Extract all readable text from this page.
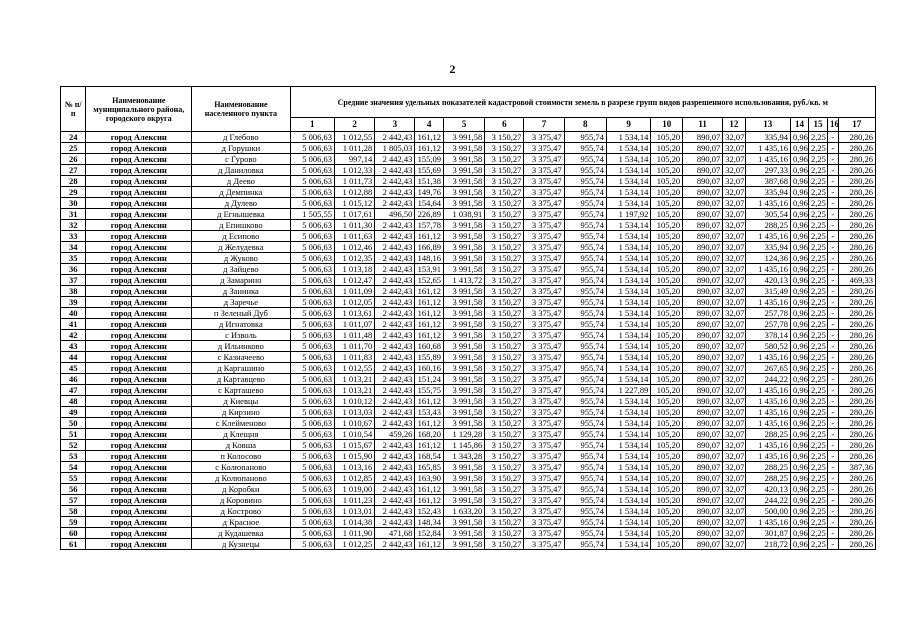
2
№ п/п	Наименование муниципального района, городского округа	Наименование населенного пункта	Средние значения удельных показателей кадастровой стоимости земель в разрезе групп видов разрешенного использования, руб./кв. м																
			1	2	3	4	5	6	7	8	9	10	11	12	13	14	15	16	17
24	город Алексин	д Глебово	5 006,63	1 012,55	2 442,43	161,12	3 991,58	3 150,27	3 375,47	955,74	1 534,14	105,20	890,07	32,07	335,94	0,96	2,25	-	280,26
25	город Алексин	д Горушки	5 006,63	1 011,28	1 805,03	161,12	3 991,58	3 150,27	3 375,47	955,74	1 534,14	105,20	890,07	32,07	1 435,16	0,96	2,25	-	280,26
26	город Алексин	с Гурово	5 006,63	997,14	2 442,43	155,09	3 991,58	3 150,27	3 375,47	955,74	1 534,14	105,20	890,07	32,07	1 435,16	0,96	2,25	-	280,26
27	город Алексин	д Даниловка	5 006,63	1 012,33	2 442,43	155,69	3 991,58	3 150,27	3 375,47	955,74	1 534,14	105,20	890,07	32,07	297,33	0,96	2,25	-	280,26
28	город Алексин	д Деево	5 006,63	1 011,73	2 442,43	151,38	3 991,58	3 150,27	3 375,47	955,74	1 534,14	105,20	890,07	32,07	387,68	0,96	2,25	-	280,26
29	город Алексин	д Демпинка	5 006,63	1 012,88	2 442,43	149,76	3 991,58	3 150,27	3 375,47	955,74	1 534,14	105,20	890,07	32,07	335,94	0,96	2,25	-	280,26
30	город Алексин	д Дулево	5 006,63	1 015,12	2 442,43	154,64	3 991,58	3 150,27	3 375,47	955,74	1 534,14	105,20	890,07	32,07	1 435,16	0,96	2,25	-	280,26
31	город Алексин	д Егнышевка	1 505,55	1 017,61	496,50	226,89	1 038,91	3 150,27	3 375,47	955,74	1 197,92	105,20	890,07	32,07	305,54	0,96	2,25	-	280,26
32	город Алексин	д Епишково	5 006,63	1 011,30	2 442,43	157,78	3 991,58	3 150,27	3 375,47	955,74	1 534,14	105,20	890,07	32,07	288,25	0,96	2,25	-	280,26
33	город Алексин	д Есипово	5 006,63	1 011,63	2 442,43	161,12	3 991,58	3 150,27	3 375,47	955,74	1 534,14	105,20	890,07	32,07	1 435,16	0,96	2,25	-	280,26
34	город Алексин	д Желудевка	5 006,63	1 012,46	2 442,43	166,89	3 991,58	3 150,27	3 375,47	955,74	1 534,14	105,20	890,07	32,07	335,94	0,96	2,25	-	280,26
35	город Алексин	д Жуково	5 006,63	1 012,35	2 442,43	148,16	3 991,58	3 150,27	3 375,47	955,74	1 534,14	105,20	890,07	32,07	124,36	0,96	2,25	-	280,26
36	город Алексин	д Зайцево	5 006,63	1 013,18	2 442,43	153,91	3 991,58	3 150,27	3 375,47	955,74	1 534,14	105,20	890,07	32,07	1 435,16	0,96	2,25	-	280,26
37	город Алексин	д Замарино	5 006,63	1 012,47	2 442,43	152,65	1 413,72	3 150,27	3 375,47	955,74	1 534,14	105,20	890,07	32,07	420,13	0,96	2,25	-	469,33
38	город Алексин	д Занинка	5 006,63	1 011,09	2 442,43	161,12	3 991,58	3 150,27	3 375,47	955,74	1 534,14	105,20	890,07	32,07	315,49	0,96	2,25	-	280,26
39	город Алексин	д Заречье	5 006,63	1 012,05	2 442,43	161,12	3 991,58	3 150,27	3 375,47	955,74	1 534,14	105,20	890,07	32,07	1 435,16	0,96	2,25	-	280,26
40	город Алексин	п Зеленый Дуб	5 006,63	1 013,61	2 442,43	161,12	3 991,58	3 150,27	3 375,47	955,74	1 534,14	105,20	890,07	32,07	257,78	0,96	2,25	-	280,26
41	город Алексин	д Игнатовка	5 006,63	1 011,07	2 442,43	161,12	3 991,58	3 150,27	3 375,47	955,74	1 534,14	105,20	890,07	32,07	257,78	0,96	2,25	-	280,26
42	город Алексин	с Изволь	5 006,63	1 011,48	2 442,43	161,12	3 991,58	3 150,27	3 375,47	955,74	1 534,14	105,20	890,07	32,07	378,14	0,96	2,25	-	280,26
43	город Алексин	д Ильинково	5 006,63	1 011,70	2 442,43	160,68	3 991,58	3 150,27	3 375,47	955,74	1 534,14	105,20	890,07	32,07	580,52	0,96	2,25	-	280,26
44	город Алексин	с Казначеево	5 006,63	1 011,83	2 442,43	155,89	3 991,58	3 150,27	3 375,47	955,74	1 534,14	105,20	890,07	32,07	1 435,16	0,96	2,25	-	280,26
45	город Алексин	д Каргашино	5 006,63	1 012,55	2 442,43	160,16	3 991,58	3 150,27	3 375,47	955,74	1 534,14	105,20	890,07	32,07	267,65	0,96	2,25	-	280,26
46	город Алексин	д Картавцево	5 006,63	1 013,21	2 442,43	151,24	3 991,58	3 150,27	3 375,47	955,74	1 534,14	105,20	890,07	32,07	244,22	0,96	2,25	-	280,26
47	город Алексин	с Карташево	5 006,63	1 013,21	2 442,43	155,75	3 991,58	3 150,27	3 375,47	955,74	1 227,89	105,20	890,07	32,07	1 435,16	0,96	2,25	-	280,26
48	город Алексин	д Киевцы	5 006,63	1 010,12	2 442,43	161,12	3 991,58	3 150,27	3 375,47	955,74	1 534,14	105,20	890,07	32,07	1 435,16	0,96	2,25	-	280,26
49	город Алексин	д Кирзино	5 006,63	1 013,03	2 442,43	153,43	3 991,58	3 150,27	3 375,47	955,74	1 534,14	105,20	890,07	32,07	1 435,16	0,96	2,25	-	280,26
50	город Алексин	с Клейменово	5 006,63	1 010,67	2 442,43	161,12	3 991,58	3 150,27	3 375,47	955,74	1 534,14	105,20	890,07	32,07	1 435,16	0,96	2,25	-	280,26
51	город Алексин	д Клещня	5 006,63	1 010,54	459,26	168,20	1 129,28	3 150,27	3 375,47	955,74	1 534,14	105,20	890,07	32,07	288,25	0,96	2,25	-	280,26
52	город Алексин	д Ковша	5 006,63	1 015,67	2 442,43	161,12	1 145,86	3 150,27	3 375,47	955,74	1 534,14	105,20	890,07	32,07	1 435,16	0,96	2,25	-	280,26
53	город Алексин	п Колосово	5 006,63	1 015,90	2 442,43	168,54	1 343,28	3 150,27	3 375,47	955,74	1 534,14	105,20	890,07	32,07	1 435,16	0,96	2,25	-	280,26
54	город Алексин	с Колюпаново	5 006,63	1 013,16	2 442,43	165,85	3 991,58	3 150,27	3 375,47	955,74	1 534,14	105,20	890,07	32,07	288,25	0,96	2,25	-	387,36
55	город Алексин	д Колюпаново	5 006,63	1 012,85	2 442,43	163,90	3 991,58	3 150,27	3 375,47	955,74	1 534,14	105,20	890,07	32,07	288,25	0,96	2,25	-	280,26
56	город Алексин	д Коробки	5 006,63	1 019,00	2 442,43	161,12	3 991,58	3 150,27	3 375,47	955,74	1 534,14	105,20	890,07	32,07	420,13	0,96	2,25	-	280,26
57	город Алексин	д Коровино	5 006,63	1 011,23	2 442,43	161,12	3 991,58	3 150,27	3 375,47	955,74	1 534,14	105,20	890,07	32,07	244,22	0,96	2,25	-	280,26
58	город Алексин	д Кострово	5 006,63	1 013,01	2 442,43	152,43	1 633,20	3 150,27	3 375,47	955,74	1 534,14	105,20	890,07	32,07	500,00	0,96	2,25	-	280,26
59	город Алексин	д Красное	5 006,63	1 014,38	2 442,43	148,34	3 991,58	3 150,27	3 375,47	955,74	1 534,14	105,20	890,07	32,07	1 435,16	0,96	2,25	-	280,26
60	город Алексин	д Кудашевка	5 006,63	1 011,90	471,68	152,84	3 991,58	3 150,27	3 375,47	955,74	1 534,14	105,20	890,07	32,07	301,87	0,96	2,25	-	280,26
61	город Алексин	д Кузнецы	5 006,63	1 012,25	2 442,43	161,12	3 991,58	3 150,27	3 375,47	955,74	1 534,14	105,20	890,07	32,07	218,72	0,96	2,25	-	280,26
